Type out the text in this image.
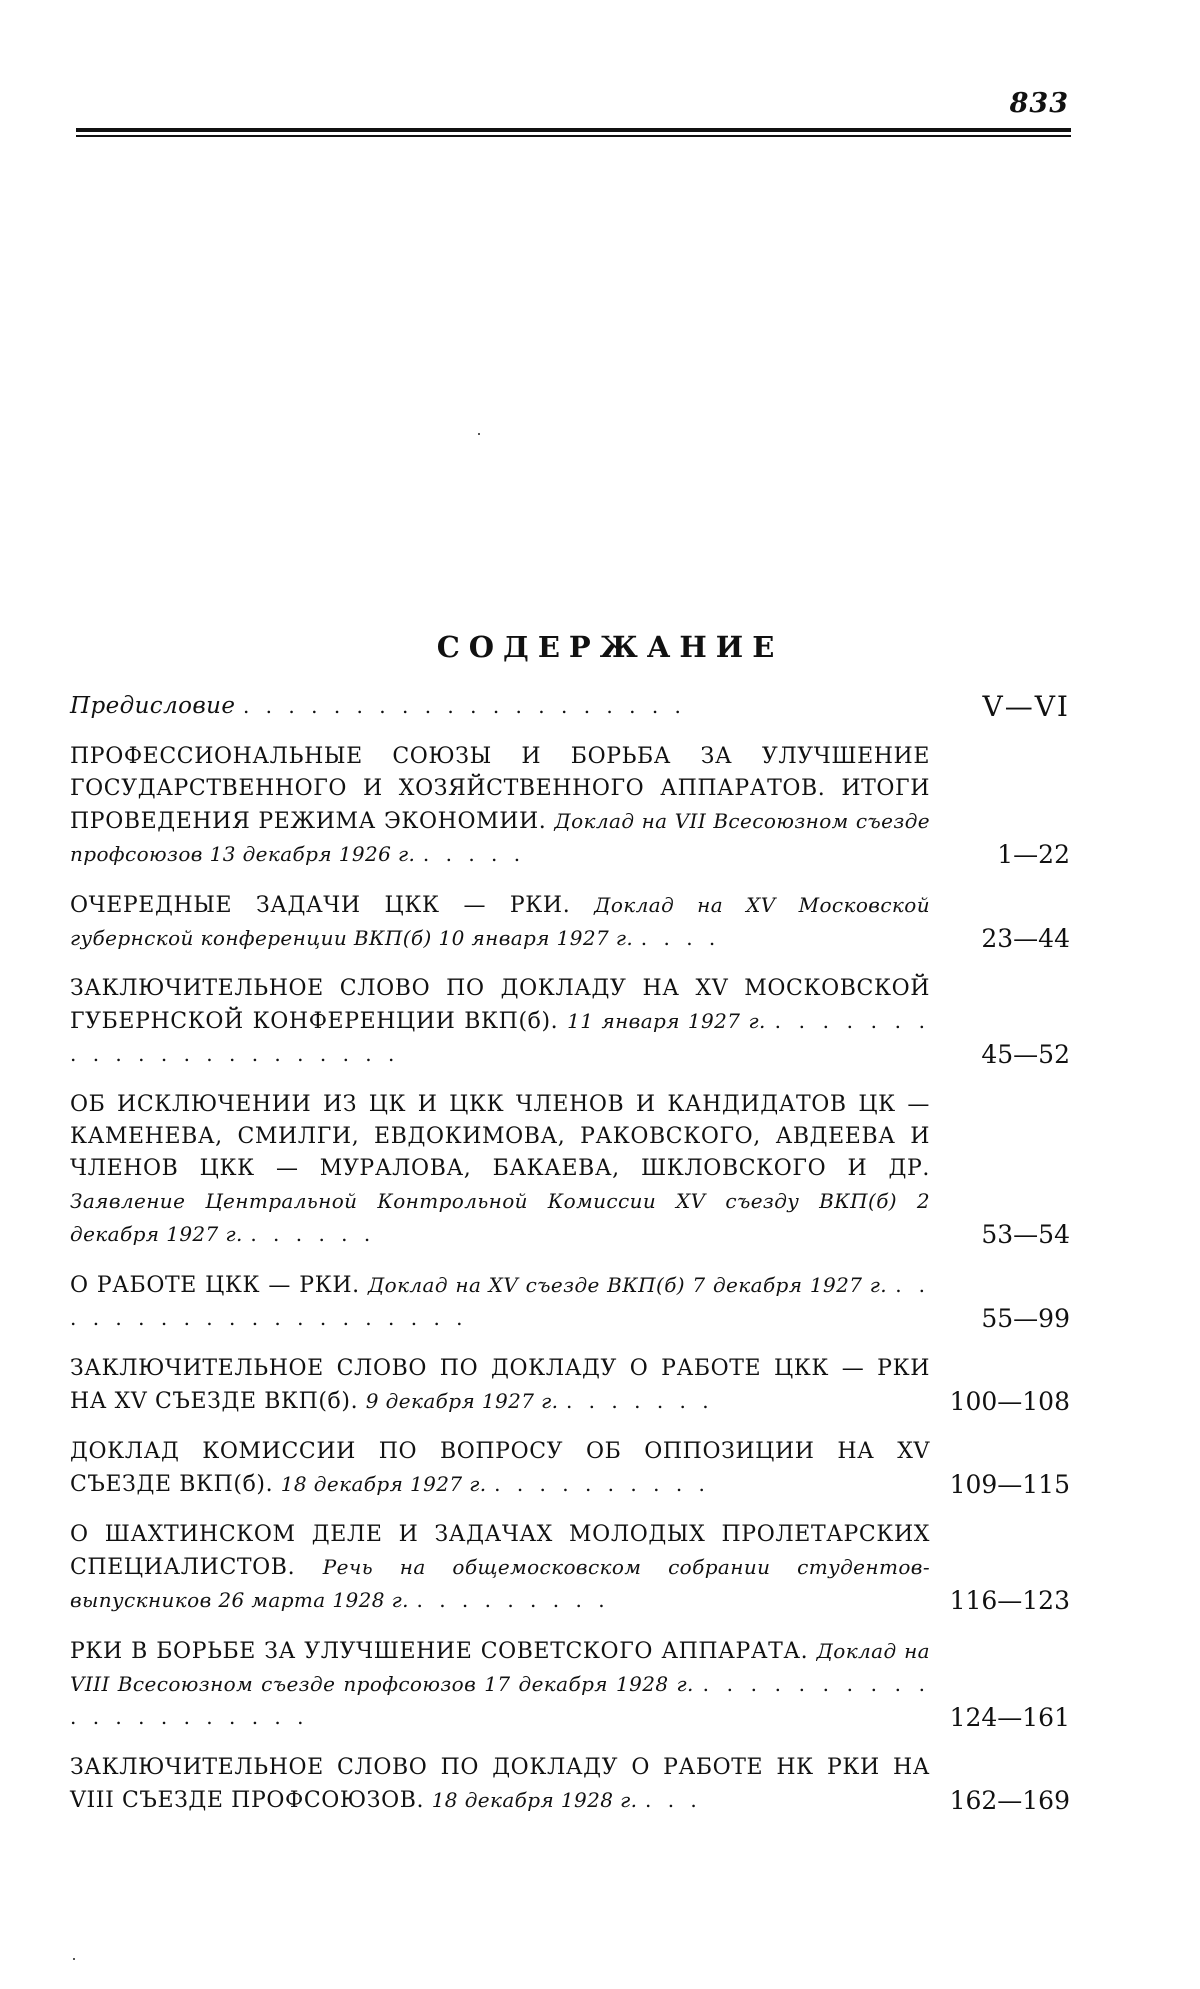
833
СОДЕРЖАНИЕ
Предисловие . . . . . . . . . . . . . . . . . . . .	V—VI
ПРОФЕССИОНАЛЬНЫЕ СОЮЗЫ И БОРЬБА ЗА УЛУЧШЕНИЕ ГОСУДАРСТВЕННОГО И ХОЗЯЙСТВЕННОГО АППАРАТОВ. ИТОГИ ПРОВЕДЕНИЯ РЕЖИМА ЭКОНОМИИ. Доклад на VII Всесоюзном съезде профсоюзов 13 декабря 1926 г. . . . . .	1—22
ОЧЕРЕДНЫЕ ЗАДАЧИ ЦКК — РКИ. Доклад на XV Московской губернской конференции ВКП(б) 10 января 1927 г. . . . .	23—44
ЗАКЛЮЧИТЕЛЬНОЕ СЛОВО ПО ДОКЛАДУ НА XV МОСКОВСКОЙ ГУБЕРНСКОЙ КОНФЕРЕНЦИИ ВКП(б). 11 января 1927 г. . . . . . . . . . . . . . . . . . . . . . .	45—52
ОБ ИСКЛЮЧЕНИИ ИЗ ЦК И ЦКК ЧЛЕНОВ И КАНДИДАТОВ ЦК — КАМЕНЕВА, СМИЛГИ, ЕВДОКИМОВА, РАКОВСКОГО, АВДЕЕВА И ЧЛЕНОВ ЦКК — МУРАЛОВА, БАКАЕВА, ШКЛОВСКОГО И ДР. Заявление Центральной Контрольной Комиссии XV съезду ВКП(б) 2 декабря 1927 г. . . . . . .	53—54
О РАБОТЕ ЦКК — РКИ. Доклад на XV съезде ВКП(б) 7 декабря 1927 г. . . . . . . . . . . . . . . . . . . . .	55—99
ЗАКЛЮЧИТЕЛЬНОЕ СЛОВО ПО ДОКЛАДУ О РАБОТЕ ЦКК — РКИ НА XV СЪЕЗДЕ ВКП(б). 9 декабря 1927 г. . . . . . . .	100—108
ДОКЛАД КОМИССИИ ПО ВОПРОСУ ОБ ОППОЗИЦИИ НА XV СЪЕЗДЕ ВКП(б). 18 декабря 1927 г. . . . . . . . . . .	109—115
О ШАХТИНСКОМ ДЕЛЕ И ЗАДАЧАХ МОЛОДЫХ ПРОЛЕТАРСКИХ СПЕЦИАЛИСТОВ. Речь на общемосковском собрании студентов-выпускников 26 марта 1928 г. . . . . . . . . .	116—123
РКИ В БОРЬБЕ ЗА УЛУЧШЕНИЕ СОВЕТСКОГО АППАРАТА. Доклад на VIII Всесоюзном съезде профсоюзов 17 декабря 1928 г. . . . . . . . . . . . . . . . . . . . . .	124—161
ЗАКЛЮЧИТЕЛЬНОЕ СЛОВО ПО ДОКЛАДУ О РАБОТЕ НК РКИ НА VIII СЪЕЗДЕ ПРОФСОЮЗОВ. 18 декабря 1928 г. . . .	162—169
